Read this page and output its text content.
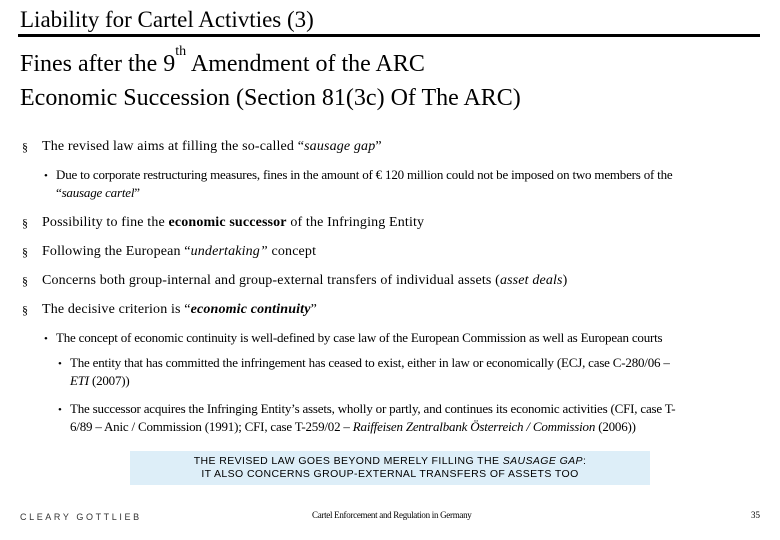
Liability for Cartel Activties (3)
Fines after the 9th Amendment of the ARC
Economic Succession (Section 81(3c) Of The ARC)
§ The revised law aims at filling the so-called “sausage gap”
• Due to corporate restructuring measures, fines in the amount of € 120 million could not be imposed on two members of the
“sausage cartel”
§ Possibility to fine the economic successor of the Infringing Entity
§ Following the European “undertaking” concept
§ Concerns both group-internal and group-external transfers of individual assets (asset deals)
§ The decisive criterion is “economic continuity”
• The concept of economic continuity is well-defined by case law of the European Commission as well as European courts
• The entity that has committed the infringement has ceased to exist, either in law or economically (ECJ, case C-280/06 –
ETI (2007))
• The successor acquires the Infringing Entity’s assets, wholly or partly, and continues its economic activities (CFI, case T-
6/89 – Anic / Commission (1991); CFI, case T-259/02 – Raiffeisen Zentralbank Österreich / Commission (2006))
THE REVISED LAW GOES BEYOND MERELY FILLING THE SAUSAGE GAP:
IT ALSO CONCERNS GROUP-EXTERNAL TRANSFERS OF ASSETS TOO
CLEARY GOTTLIEB	Cartel Enforcement and Regulation in Germany	35
